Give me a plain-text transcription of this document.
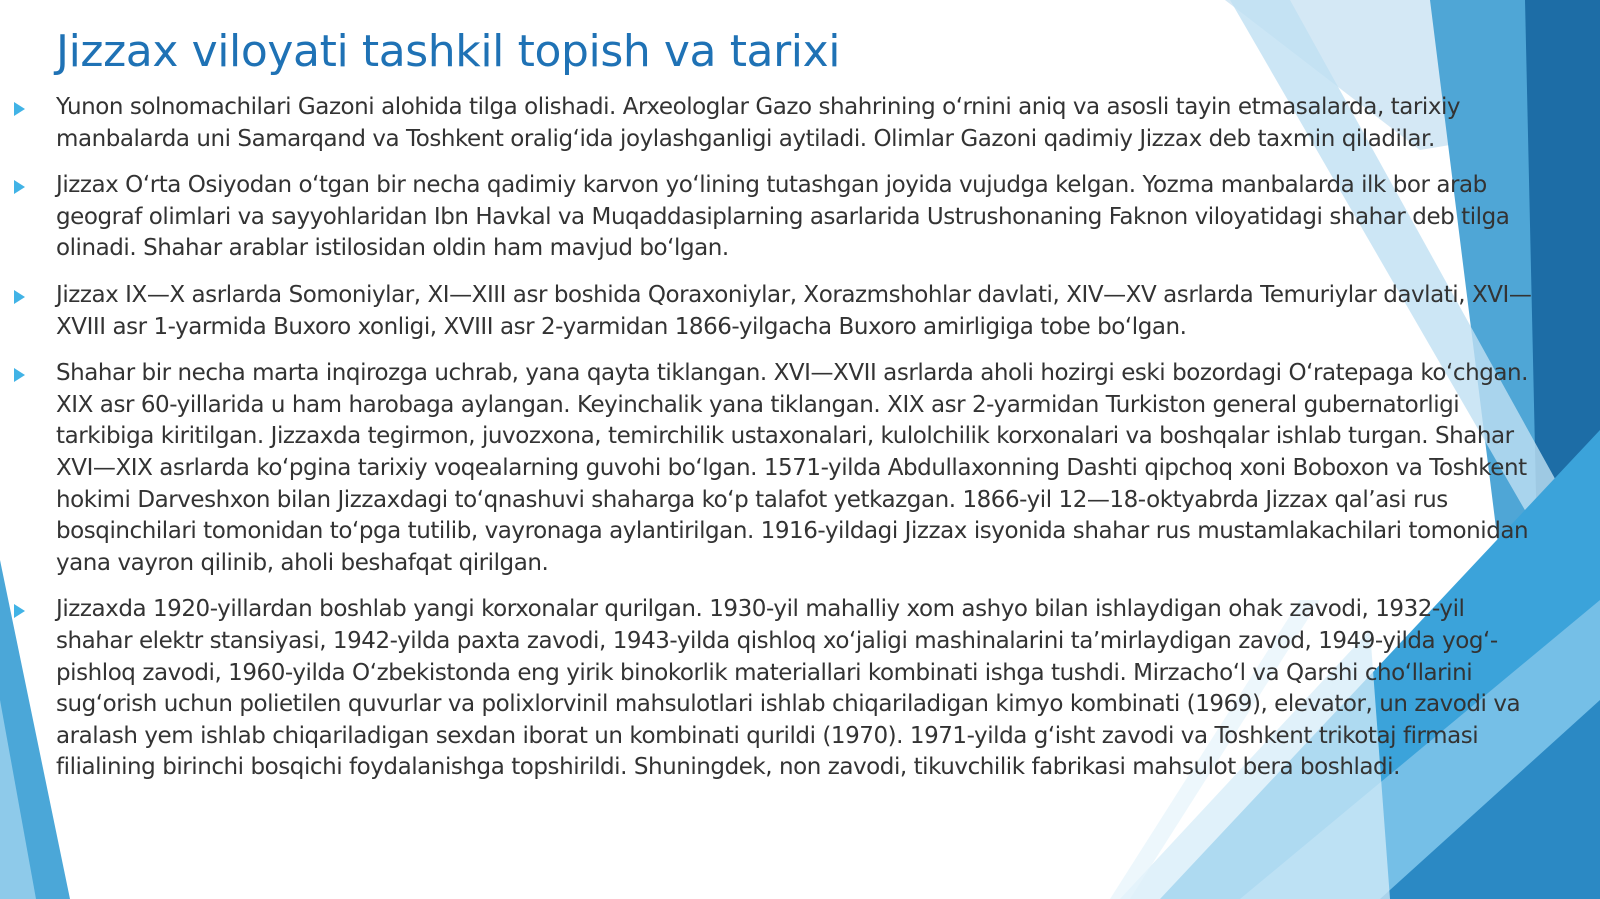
Jizzax viloyati tashkil topish va tarixi

Yunon solnomachilari Gazoni alohida tilga olishadi. Arxeologlar Gazo shahrining oʻrnini aniq va asosli tayin etmasalarda, tarixiy manbalarda uni Samarqand va Toshkent oraligʻida joylashganligi aytiladi. Olimlar Gazoni qadimiy Jizzax deb taxmin qiladilar.

Jizzax Oʻrta Osiyodan oʻtgan bir necha qadimiy karvon yoʻlining tutashgan joyida vujudga kelgan. Yozma manbalarda ilk bor arab geograf olimlari va sayyohlaridan Ibn Havkal va Muqaddasiplarning asarlarida Ustrushonaning Faknon viloyatidagi shahar deb tilga olinadi. Shahar arablar istilosidan oldin ham mavjud boʻlgan.

Jizzax IX—X asrlarda Somoniylar, XI—XIII asr boshida Qoraxoniylar, Xorazmshohlar davlati, XIV—XV asrlarda Temuriylar davlati, XVI—XVIII asr 1-yarmida Buxoro xonligi, XVIII asr 2-yarmidan 1866-yilgacha Buxoro amirligiga tobe boʻlgan.

Shahar bir necha marta inqirozga uchrab, yana qayta tiklangan. XVI—XVII asrlarda aholi hozirgi eski bozordagi Oʻratepaga koʻchgan. XIX asr 60-yillarida u ham harobaga aylangan. Keyinchalik yana tiklangan. XIX asr 2-yarmidan Turkiston general gubernatorligi tarkibiga kiritilgan. Jizzaxda tegirmon, juvozxona, temirchilik ustaxonalari, kulolchilik korxonalari va boshqalar ishlab turgan. Shahar XVI—XIX asrlarda koʻpgina tarixiy voqealarning guvohi boʻlgan. 1571-yilda Abdullaxonning Dashti qipchoq xoni Boboxon va Toshkent hokimi Darveshxon bilan Jizzaxdagi toʻqnashuvi shaharga koʻp talafot yetkazgan. 1866-yil 12—18-oktyabrda Jizzax qalʼasi rus bosqinchilari tomonidan toʻpga tutilib, vayronaga aylantirilgan. 1916-yildagi Jizzax isyonida shahar rus mustamlakachilari tomonidan yana vayron qilinib, aholi beshafqat qirilgan.

Jizzaxda 1920-yillardan boshlab yangi korxonalar qurilgan. 1930-yil mahalliy xom ashyo bilan ishlaydigan ohak zavodi, 1932-yil shahar elektr stansiyasi, 1942-yilda paxta zavodi, 1943-yilda qishloq xoʻjaligi mashinalarini taʼmirlaydigan zavod, 1949-yilda yogʻ-pishloq zavodi, 1960-yilda Oʻzbekistonda eng yirik binokorlik materiallari kombinati ishga tushdi. Mirzachoʻl va Qarshi choʻllarini sugʻorish uchun polietilen quvurlar va polixlorvinil mahsulotlari ishlab chiqariladigan kimyo kombinati (1969), elevator, un zavodi va aralash yem ishlab chiqariladigan sexdan iborat un kombinati qurildi (1970). 1971-yilda gʻisht zavodi va Toshkent trikotaj firmasi filialining birinchi bosqichi foydalanishga topshirildi. Shuningdek, non zavodi, tikuvchilik fabrikasi mahsulot bera boshladi.
